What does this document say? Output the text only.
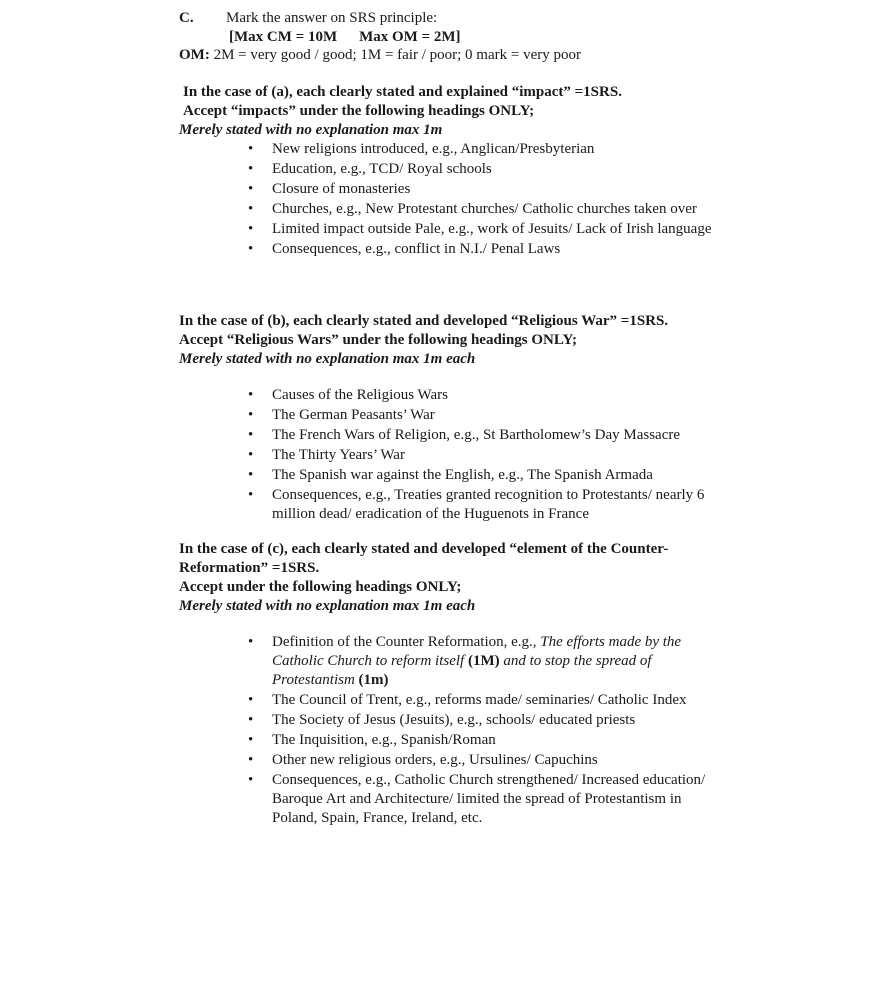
C. Mark the answer on SRS principle:
[Max CM = 10M Max OM = 2M]
OM: 2M = very good / good; 1M = fair / poor; 0 mark = very poor

In the case of (a), each clearly stated and explained “impact” =1SRS.

Accept “impacts” under the following headings ONLY;

Merely stated with no explanation max 1m

• New religions introduced, e.g., Anglican/Presbyterian
• Education, e.g., TCD/ Royal schools
• Closure of monasteries
• Churches, e.g., New Protestant churches/ Catholic churches taken over
• Limited impact outside Pale, e.g., work of Jesuits/ Lack of Irish language
• Consequences, e.g., conflict in N.I./ Penal Laws

In the case of (b), each clearly stated and developed “Religious War” =1SRS.

Accept “Religious Wars” under the following headings ONLY;

Merely stated with no explanation max 1m each

• Causes of the Religious Wars
• The German Peasants’ War
• The French Wars of Religion, e.g., St Bartholomew’s Day Massacre
• The Thirty Years’ War
• The Spanish war against the English, e.g., The Spanish Armada
• Consequences, e.g., Treaties granted recognition to Protestants/ nearly 6 million dead/ eradication of the Huguenots in France

In the case of (c), each clearly stated and developed “element of the Counter-Reformation” =1SRS.

Accept under the following headings ONLY;

Merely stated with no explanation max 1m each

• Definition of the Counter Reformation, e.g., The efforts made by the Catholic Church to reform itself (1M) and to stop the spread of Protestantism (1m)
• The Council of Trent, e.g., reforms made/ seminaries/ Catholic Index
• The Society of Jesus (Jesuits), e.g., schools/ educated priests
• The Inquisition, e.g., Spanish/Roman
• Other new religious orders, e.g., Ursulines/ Capuchins
• Consequences, e.g., Catholic Church strengthened/ Increased education/ Baroque Art and Architecture/ limited the spread of Protestantism in Poland, Spain, France, Ireland, etc.
